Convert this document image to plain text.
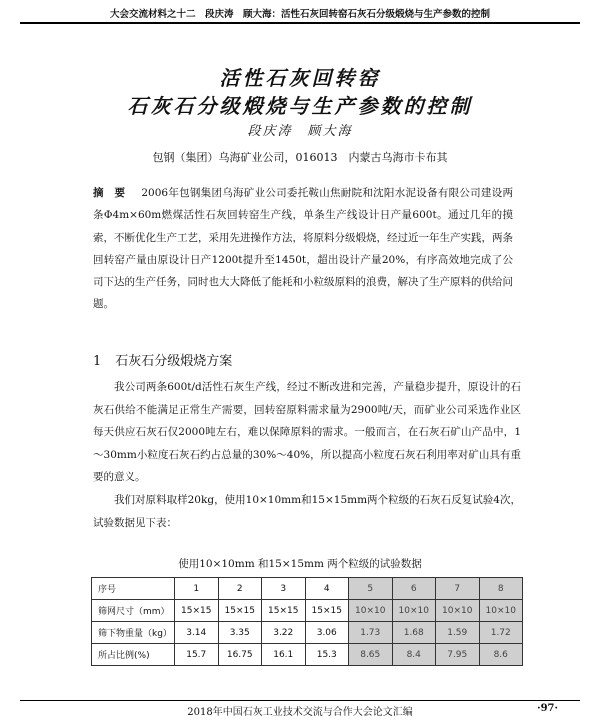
大会交流材料之十二　段庆涛　顾大海：活性石灰回转窑石灰石分级煅烧与生产参数的控制
活性石灰回转窑
石灰石分级煅烧与生产参数的控制
段庆涛　顾大海
包钢（集团）乌海矿业公司，016013　内蒙古乌海市卡布其
摘　要 2006年包钢集团乌海矿业公司委托鞍山焦耐院和沈阳水泥设备有限公司建设两条Φ4m×60m燃煤活性石灰回转窑生产线，单条生产线设计日产量600t。通过几年的摸索，不断优化生产工艺，采用先进操作方法，将原料分级煅烧，经过近一年生产实践，两条回转窑产量由原设计日产1200t提升至1450t，超出设计产量20%，有序高效地完成了公司下达的生产任务，同时也大大降低了能耗和小粒级原料的浪费，解决了生产原料的供给问题。
1 石灰石分级煅烧方案

我公司两条600t/d活性石灰生产线，经过不断改进和完善，产量稳步提升，原设计的石灰石供给不能满足正常生产需要，回转窑原料需求量为2900吨/天，而矿业公司采选作业区每天供应石灰石仅2000吨左右，难以保障原料的需求。一般而言，在石灰石矿山产品中，1～30mm小粒度石灰石约占总量的30%～40%，所以提高小粒度石灰石利用率对矿山具有重要的意义。

我们对原料取样20kg，使用10×10mm和15×15mm两个粒级的石灰石反复试验4次，试验数据见下表：

使用10×10mm 和15×15mm 两个粒级的试验数据
序号	1	2	3	4	5	6	7	8
筛网尺寸（mm）	15×15	15×15	15×15	15×15	10×10	10×10	10×10	10×10
筛下物重量（kg）	3.14	3.35	3.22	3.06	1.73	1.68	1.59	1.72
所占比例(%)	15.7	16.75	16.1	15.3	8.65	8.4	7.95	8.6
2018年中国石灰工业技术交流与合作大会论文汇编	·97·
